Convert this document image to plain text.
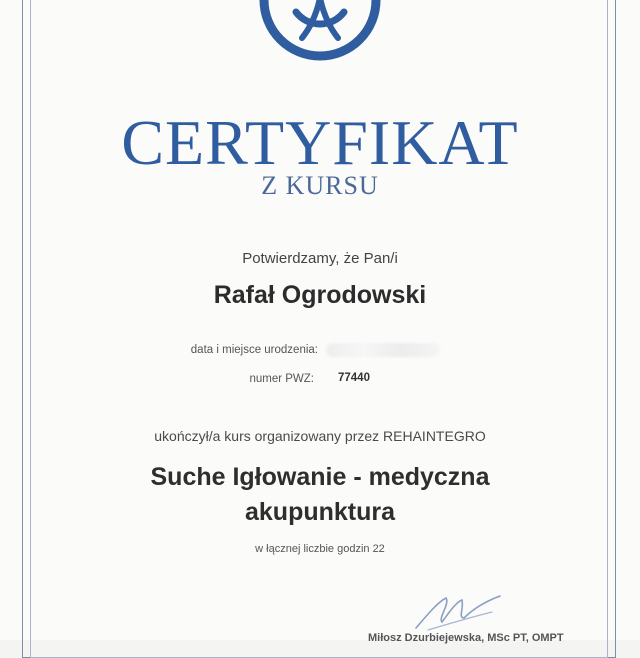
CERTYFIKAT
Z KURSU
Potwierdzamy, że Pan/i
Rafał Ogrodowski
data i miejsce urodzenia:
numer PWZ: 77440
ukończył/a kurs organizowany przez REHAINTEGRO
Suche Igłowanie - medyczna
akupunktura
w łącznej liczbie godzin 22
Miłosz Dzurbiejewska, MSc PT, OMPT
